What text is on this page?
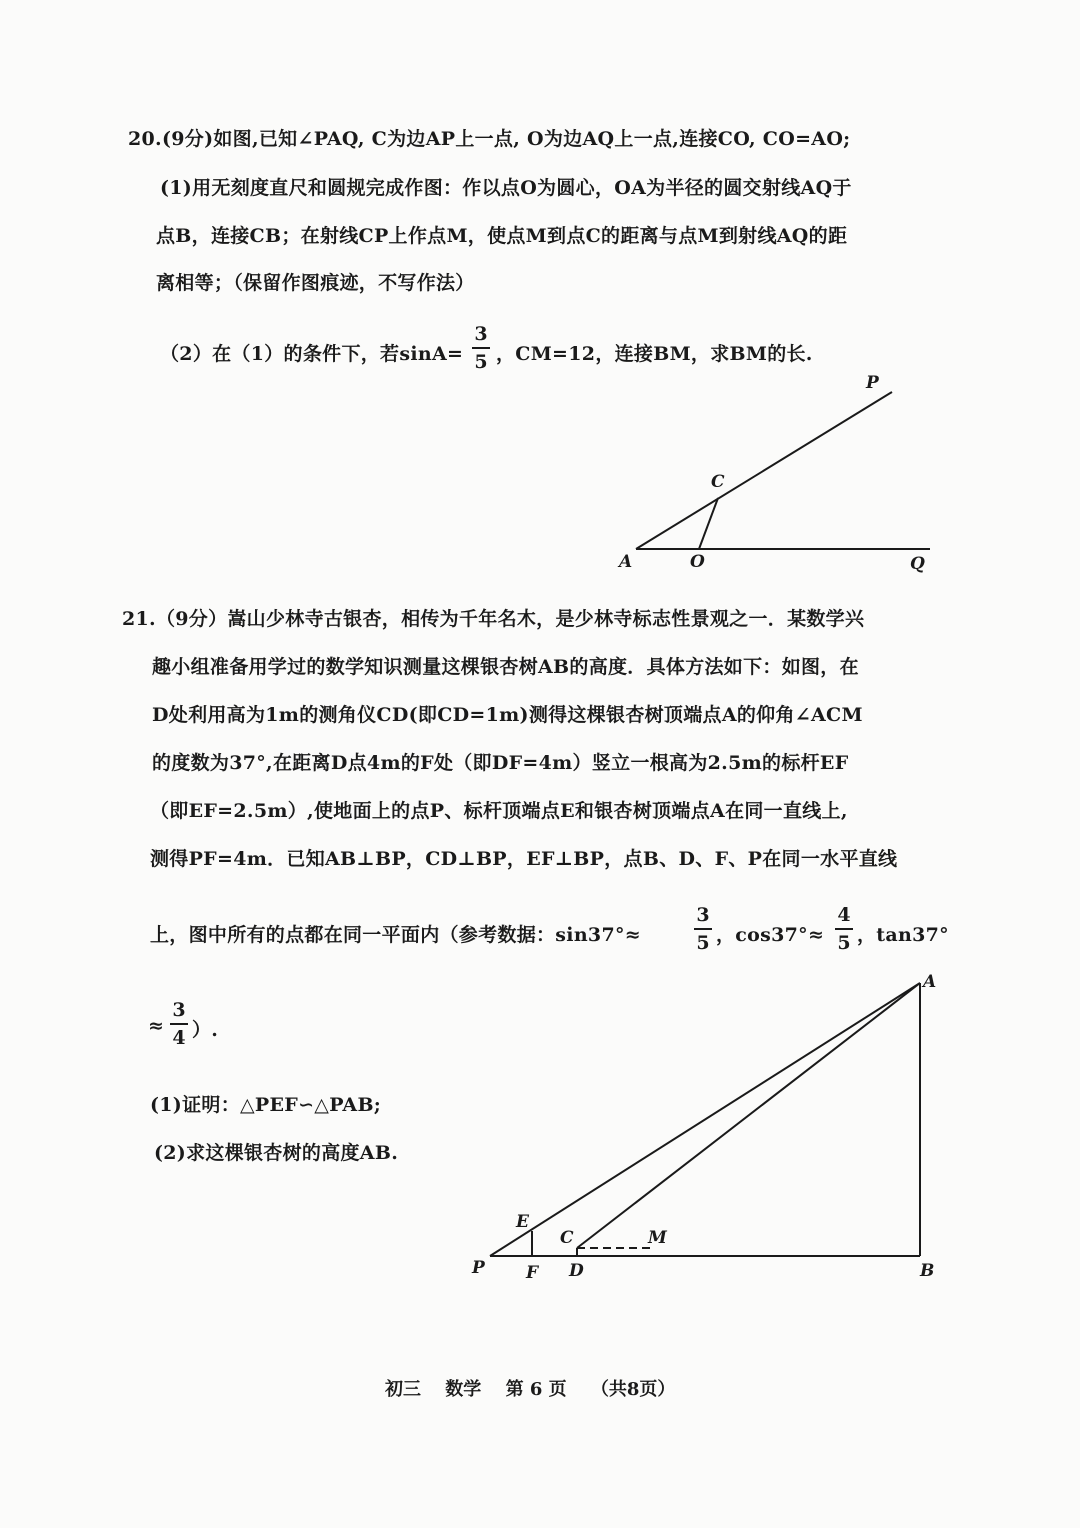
20.(9分)如图,已知∠PAQ, C为边AP上一点, O为边AQ上一点,连接CO, CO=AO;
(1)用无刻度直尺和圆规完成作图：作以点O为圆心，OA为半径的圆交射线AQ于
点B，连接CB；在射线CP上作点M，使点M到点C的距离与点M到射线AQ的距
离相等；（保留作图痕迹，不写作法）
（2）在（1）的条件下，若sinA=
3
5 ，CM=12，连接BM，求BM的长.
P
C
A	O	Q
21.（9分）嵩山少林寺古银杏，相传为千年名木，是少林寺标志性景观之一．某数学兴
趣小组准备用学过的数学知识测量这棵银杏树AB的高度．具体方法如下：如图，在
D处利用高为1m的测角仪CD(即CD=1m)测得这棵银杏树顶端点A的仰角∠ACM
的度数为37°,在距离D点4m的F处（即DF=4m）竖立一根高为2.5m的标杆EF
（即EF=2.5m）,使地面上的点P、标杆顶端点E和银杏树顶端点A在同一直线上,
测得PF=4m．已知AB⊥BP，CD⊥BP，EF⊥BP，点B、D、F、P在同一水平直线
上，图中所有的点都在同一平面内（参考数据：sin37°≈
3
5 ，cos37°≈
4
5 ，tan37°
≈
3
4 ）.
(1)证明：△PEF∽△PAB;
(2)求这棵银杏树的高度AB.
A
E
C	M
P F D	B
初三 数学 第 6 页 （共8页）
